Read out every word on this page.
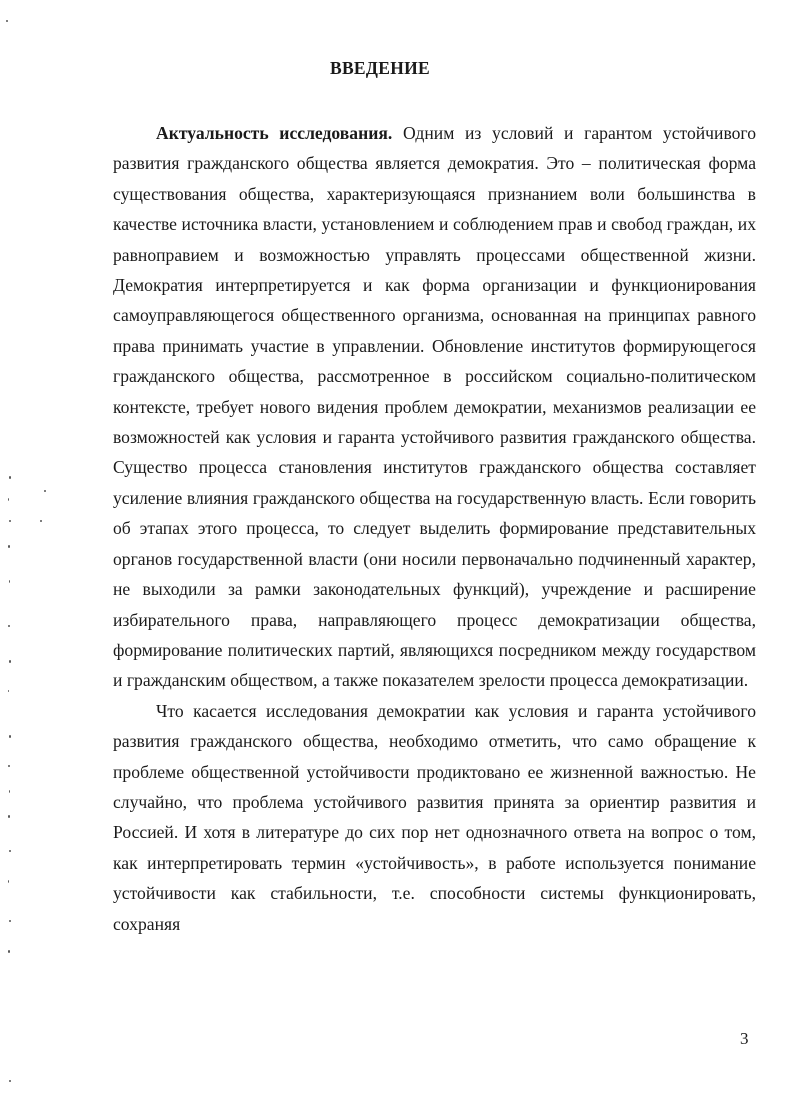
ВВЕДЕНИЕ

Актуальность исследования. Одним из условий и гарантом устойчивого развития гражданского общества является демократия. Это – политическая форма существования общества, характеризующаяся признанием воли большинства в качестве источника власти, установлением и соблюдением прав и свобод граждан, их равноправием и возможностью управлять процессами общественной жизни. Демократия интерпретируется и как форма организации и функционирования самоуправляющегося общественного организма, основанная на принципах равного права принимать участие в управлении. Обновление институтов формирующегося гражданского общества, рассмотренное в российском социально-политическом контексте, требует нового видения проблем демократии, механизмов реализации ее возможностей как условия и гаранта устойчивого развития гражданского общества. Существо процесса становления институтов гражданского общества составляет усиление влияния гражданского общества на государственную власть. Если говорить об этапах этого процесса, то следует выделить формирование представительных органов государственной власти (они носили первоначально подчиненный характер, не выходили за рамки законодательных функций), учреждение и расширение избирательного права, направляющего процесс демократизации общества, формирование политических партий, являющихся посредником между государством и гражданским обществом, а также показателем зрелости процесса демократизации.

Что касается исследования демократии как условия и гаранта устойчивого развития гражданского общества, необходимо отметить, что само обращение к проблеме общественной устойчивости продиктовано ее жизненной важностью. Не случайно, что проблема устойчивого развития принята за ориентир развития и Россией. И хотя в литературе до сих пор нет однозначного ответа на вопрос о том, как интерпретировать термин «устойчивость», в работе используется понимание устойчивости как стабильности, т.е. способности системы функционировать, сохраняя

3
